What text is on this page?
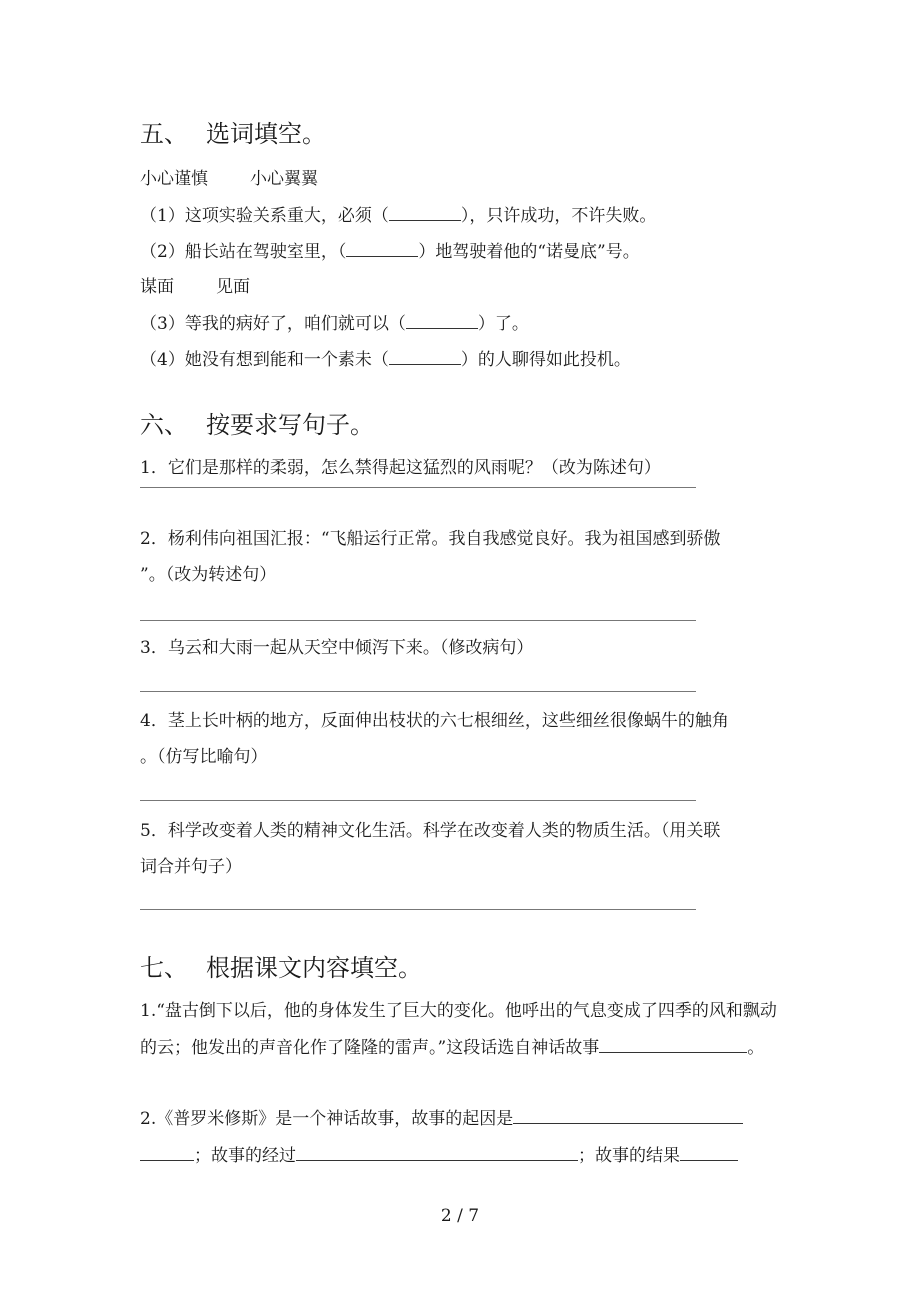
五、 选词填空。
小心谨慎 小心翼翼
（1）这项实验关系重大，必须（	），只许成功，不许失败。
（2）船长站在驾驶室里，（	）地驾驶着他的“诺曼底”号。
谋面 见面
（3）等我的病好了，咱们就可以（	）了。
（4）她没有想到能和一个素未（	）的人聊得如此投机。
六、 按要求写句子。
1．它们是那样的柔弱，怎么禁得起这猛烈的风雨呢？（改为陈述句）
2．杨利伟向祖国汇报：“飞船运行正常。我自我感觉良好。我为祖国感到骄傲
”。（改为转述句）
3．乌云和大雨一起从天空中倾泻下来。（修改病句）
4．茎上长叶柄的地方，反面伸出枝状的六七根细丝，这些细丝很像蜗牛的触角
。（仿写比喻句）
5．科学改变着人类的精神文化生活。科学在改变着人类的物质生活。（用关联
词合并句子）
七、 根据课文内容填空。
1.“盘古倒下以后，他的身体发生了巨大的变化。他呼出的气息变成了四季的风和飘动的云；他发出的声音化作了隆隆的雷声。”这段话选自神话故事	。
2.《普罗米修斯》是一个神话故事，故事的起因是；故事的经过	；故事的结果
2 / 7
